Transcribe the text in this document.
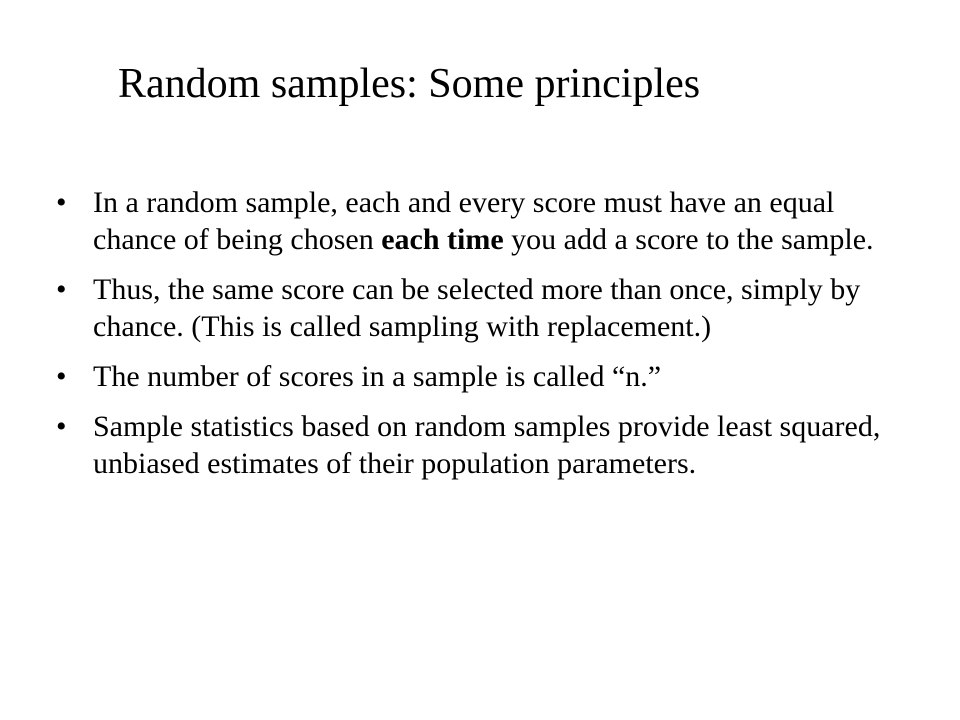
Random samples: Some principles
• In a random sample, each and every score must have an equal chance of being chosen each time you add a score to the sample.
• Thus, the same score can be selected more than once, simply by chance. (This is called sampling with replacement.)
• The number of scores in a sample is called “n.”
• Sample statistics based on random samples provide least squared, unbiased estimates of their population parameters.
